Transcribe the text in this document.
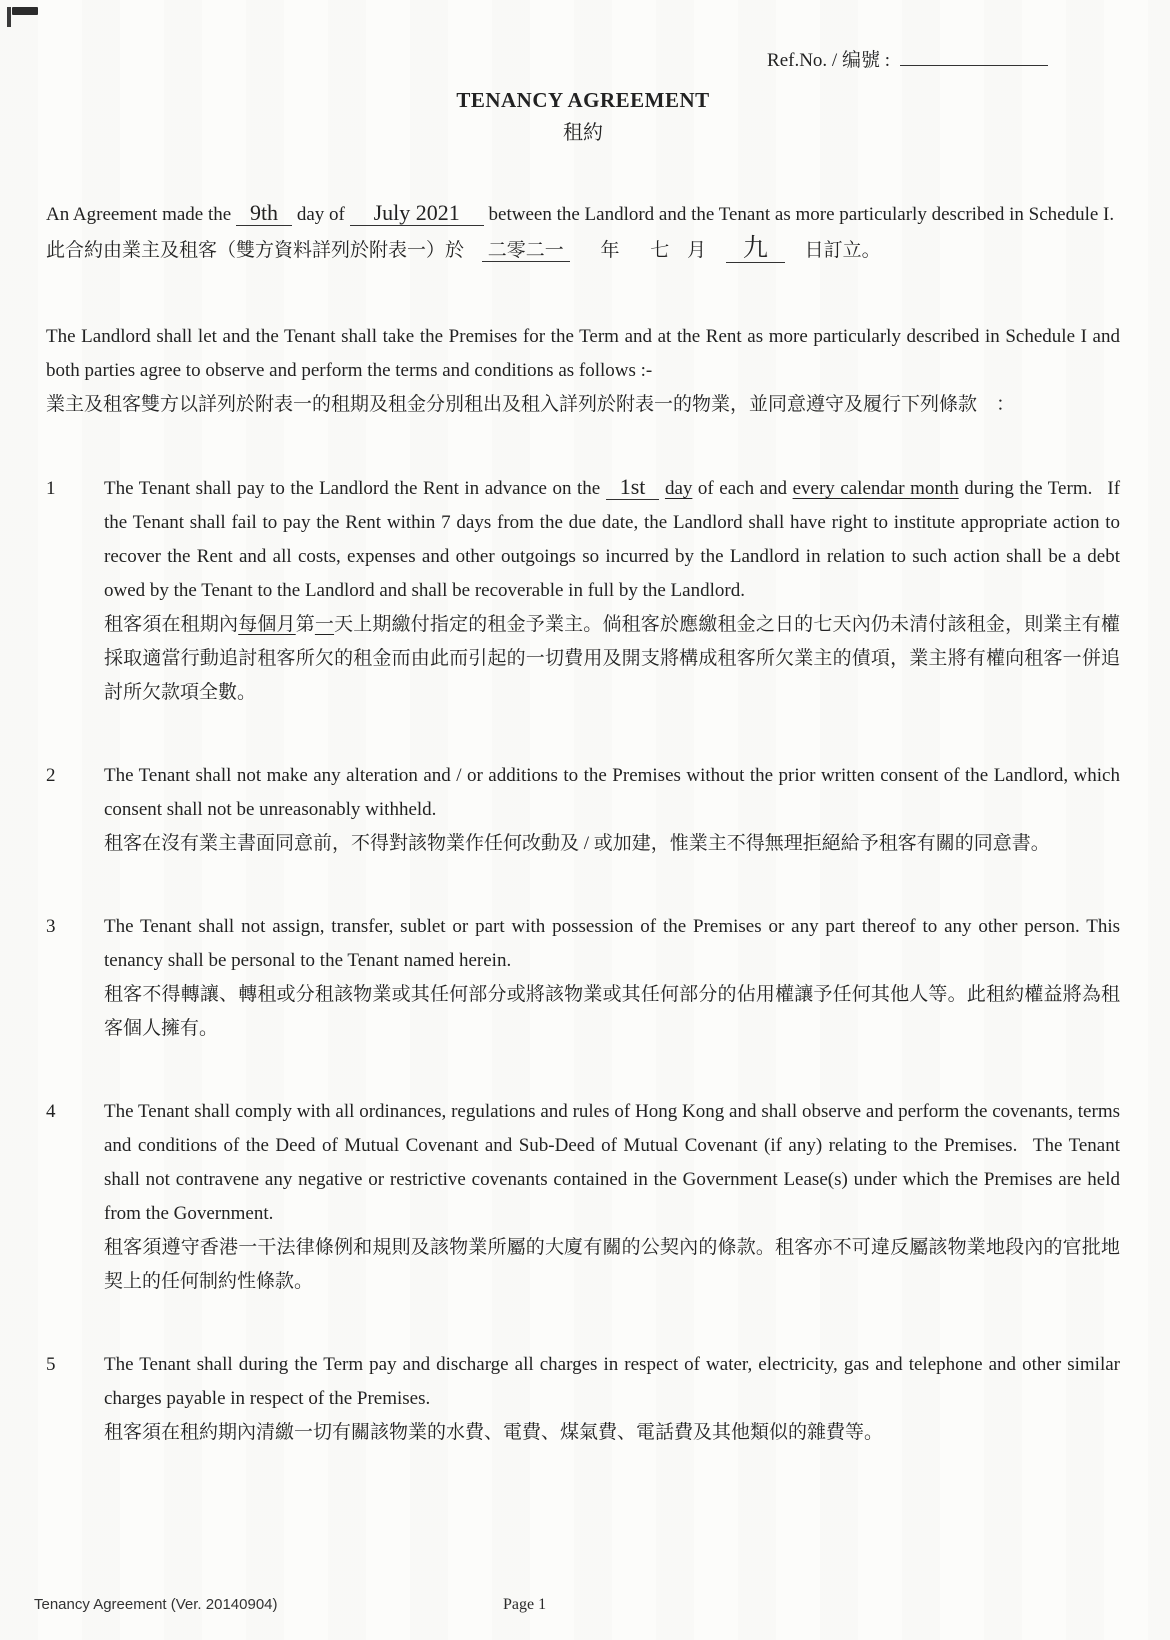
Ref.No. / 编號 :
TENANCY AGREEMENT
租約

An Agreement made the 9th day of July 2021 between the Landlord and the Tenant as more particularly described in Schedule I.

此合約由業主及租客（雙方資料詳列於附表一）於 二零二一 年 七 月 九 日訂立。

The Landlord shall let and the Tenant shall take the Premises for the Term and at the Rent as more particularly described in Schedule I and both parties agree to observe and perform the terms and conditions as follows :-

業主及租客雙方以詳列於附表一的租期及租金分別租出及租入詳列於附表一的物業，並同意遵守及履行下列條款　：

1	The Tenant shall pay to the Landlord the Rent in advance on the 1st day of each and every calendar month during the Term.  If the Tenant shall fail to pay the Rent within 7 days from the due date, the Landlord shall have right to institute appropriate action to recover the Rent and all costs, expenses and other outgoings so incurred by the Landlord in relation to such action shall be a debt owed by the Tenant to the Landlord and shall be recoverable in full by the Landlord.

租客須在租期內每個月第一天上期繳付指定的租金予業主。倘租客於應繳租金之日的七天內仍未清付該租金，則業主有權採取適當行動追討租客所欠的租金而由此而引起的一切費用及開支將構成租客所欠業主的債項，業主將有權向租客一併追討所欠款項全數。

2	The Tenant shall not make any alteration and / or additions to the Premises without the prior written consent of the Landlord, which consent shall not be unreasonably withheld.

租客在沒有業主書面同意前，不得對該物業作任何改動及 / 或加建，惟業主不得無理拒絕給予租客有關的同意書。

3	The Tenant shall not assign, transfer, sublet or part with possession of the Premises or any part thereof to any other person. This tenancy shall be personal to the Tenant named herein.

租客不得轉讓、轉租或分租該物業或其任何部分或將該物業或其任何部分的佔用權讓予任何其他人等。此租約權益將為租客個人擁有。

4	The Tenant shall comply with all ordinances, regulations and rules of Hong Kong and shall observe and perform the covenants, terms and conditions of the Deed of Mutual Covenant and Sub-Deed of Mutual Covenant (if any) relating to the Premises.  The Tenant shall not contravene any negative or restrictive covenants contained in the Government Lease(s) under which the Premises are held from the Government.

租客須遵守香港一干法律條例和規則及該物業所屬的大廈有關的公契內的條款。租客亦不可違反屬該物業地段內的官批地契上的任何制約性條款。

5	The Tenant shall during the Term pay and discharge all charges in respect of water, electricity, gas and telephone and other similar charges payable in respect of the Premises.

租客須在租約期內清繳一切有關該物業的水費、電費、煤氣費、電話費及其他類似的雜費等。

Tenancy Agreement (Ver. 20140904)	Page 1
